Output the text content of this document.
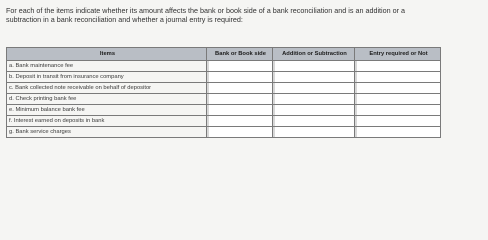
For each of the items indicate whether its amount affects the bank or book side of a bank reconciliation and is an addition or a
subtraction in a bank reconciliation and whether a journal entry is required:
Items	Bank or Book side	Addition or Subtraction	Entry required or Not
a. Bank maintenance fee	

b. Deposit in transit from insurance company	

c. Bank collected note receivable on behalf of depositor	

d. Check printing bank fee	

e. Minimum balance bank fee	

f. Interest earned on deposits in bank	

g. Bank service charges	
